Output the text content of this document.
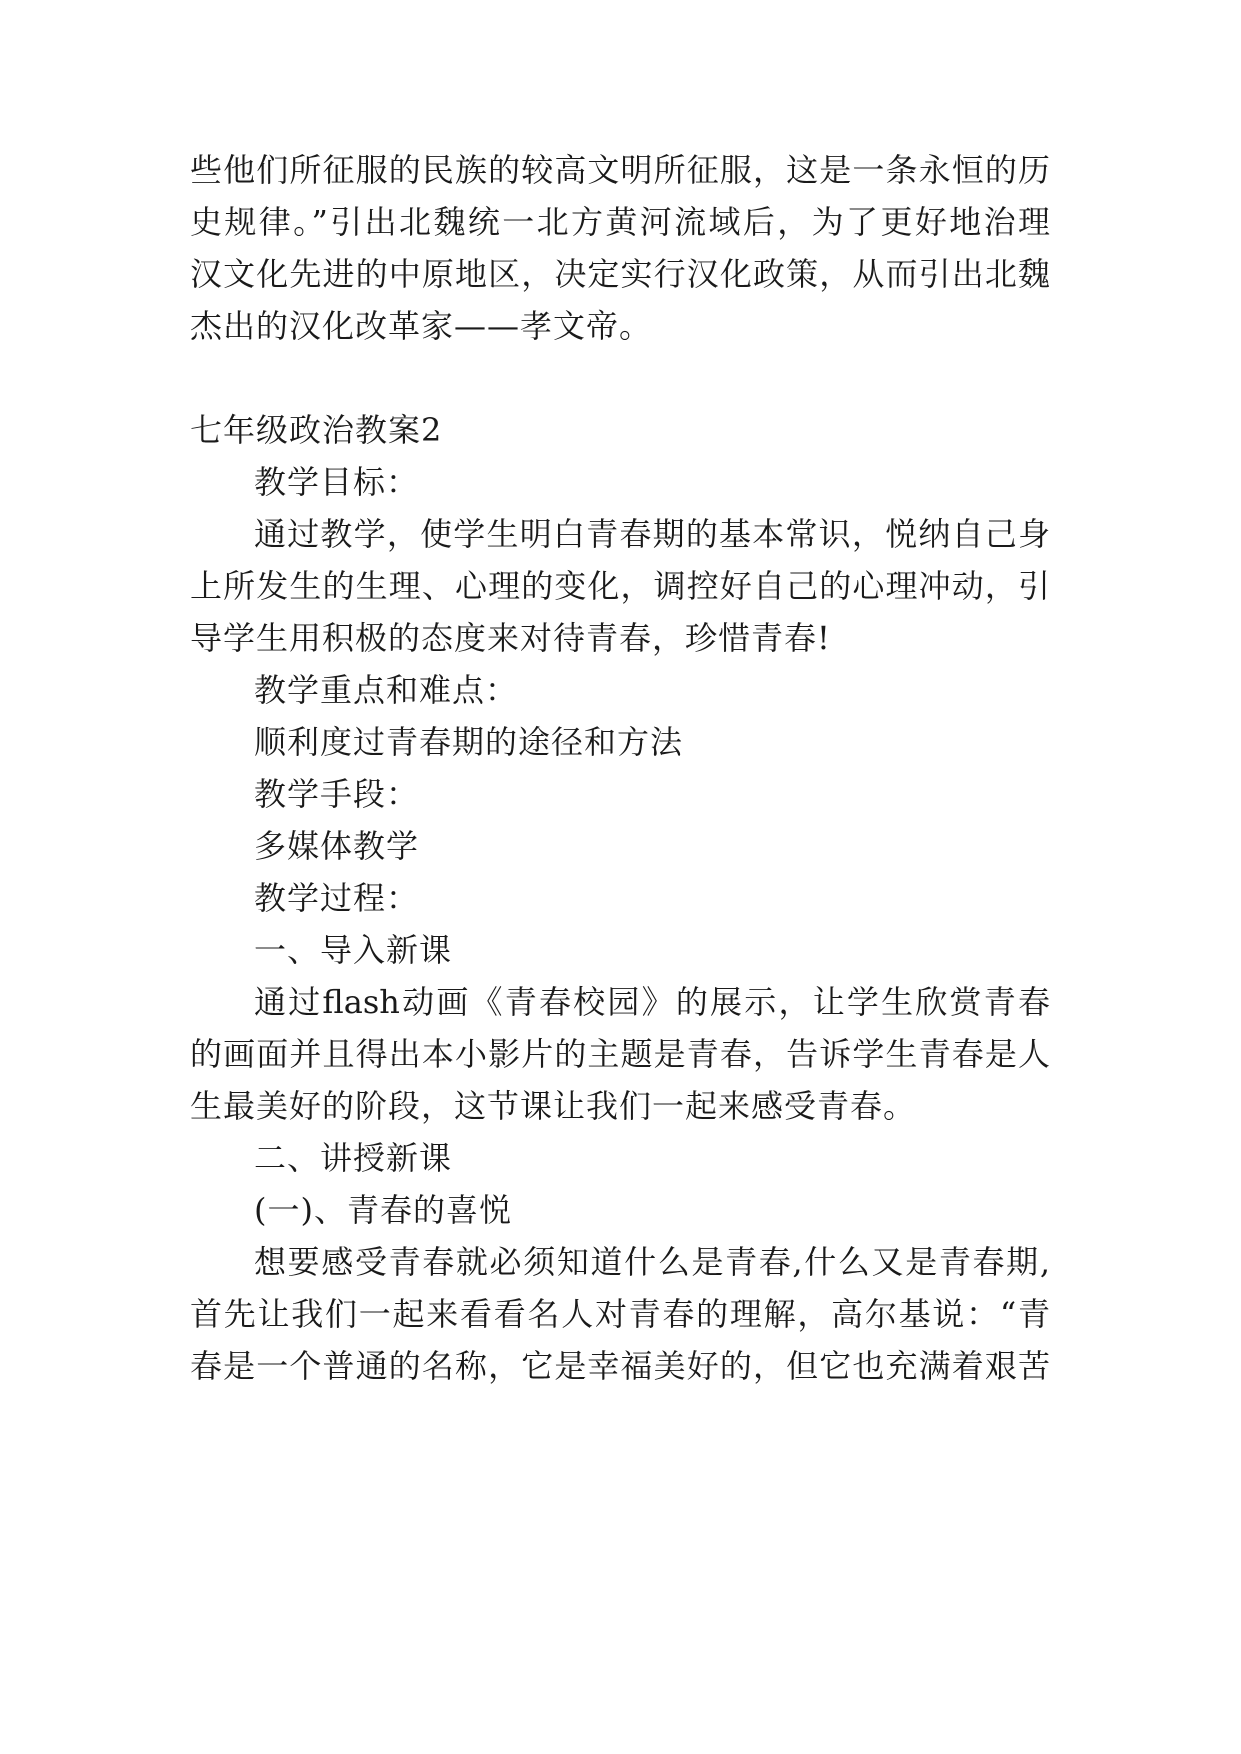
些他们所征服的民族的较高文明所征服，这是一条永恒的历
史规律。”引出北魏统一北方黄河流域后，为了更好地治理
汉文化先进的中原地区，决定实行汉化政策，从而引出北魏
杰出的汉化改革家——孝文帝。
七年级政治教案2
教学目标：
通过教学，使学生明白青春期的基本常识，悦纳自己身
上所发生的生理、心理的变化，调控好自己的心理冲动，引
导学生用积极的态度来对待青春，珍惜青春!
教学重点和难点：
顺利度过青春期的途径和方法
教学手段：
多媒体教学
教学过程：
一、导入新课
通过flash动画《青春校园》的展示，让学生欣赏青春
的画面并且得出本小影片的主题是青春，告诉学生青春是人
生最美好的阶段，这节课让我们一起来感受青春。
二、讲授新课
(一)、青春的喜悦
想要感受青春就必须知道什么是青春,什么又是青春期,
首先让我们一起来看看名人对青春的理解，高尔基说：“青
春是一个普通的名称，它是幸福美好的，但它也充满着艰苦
